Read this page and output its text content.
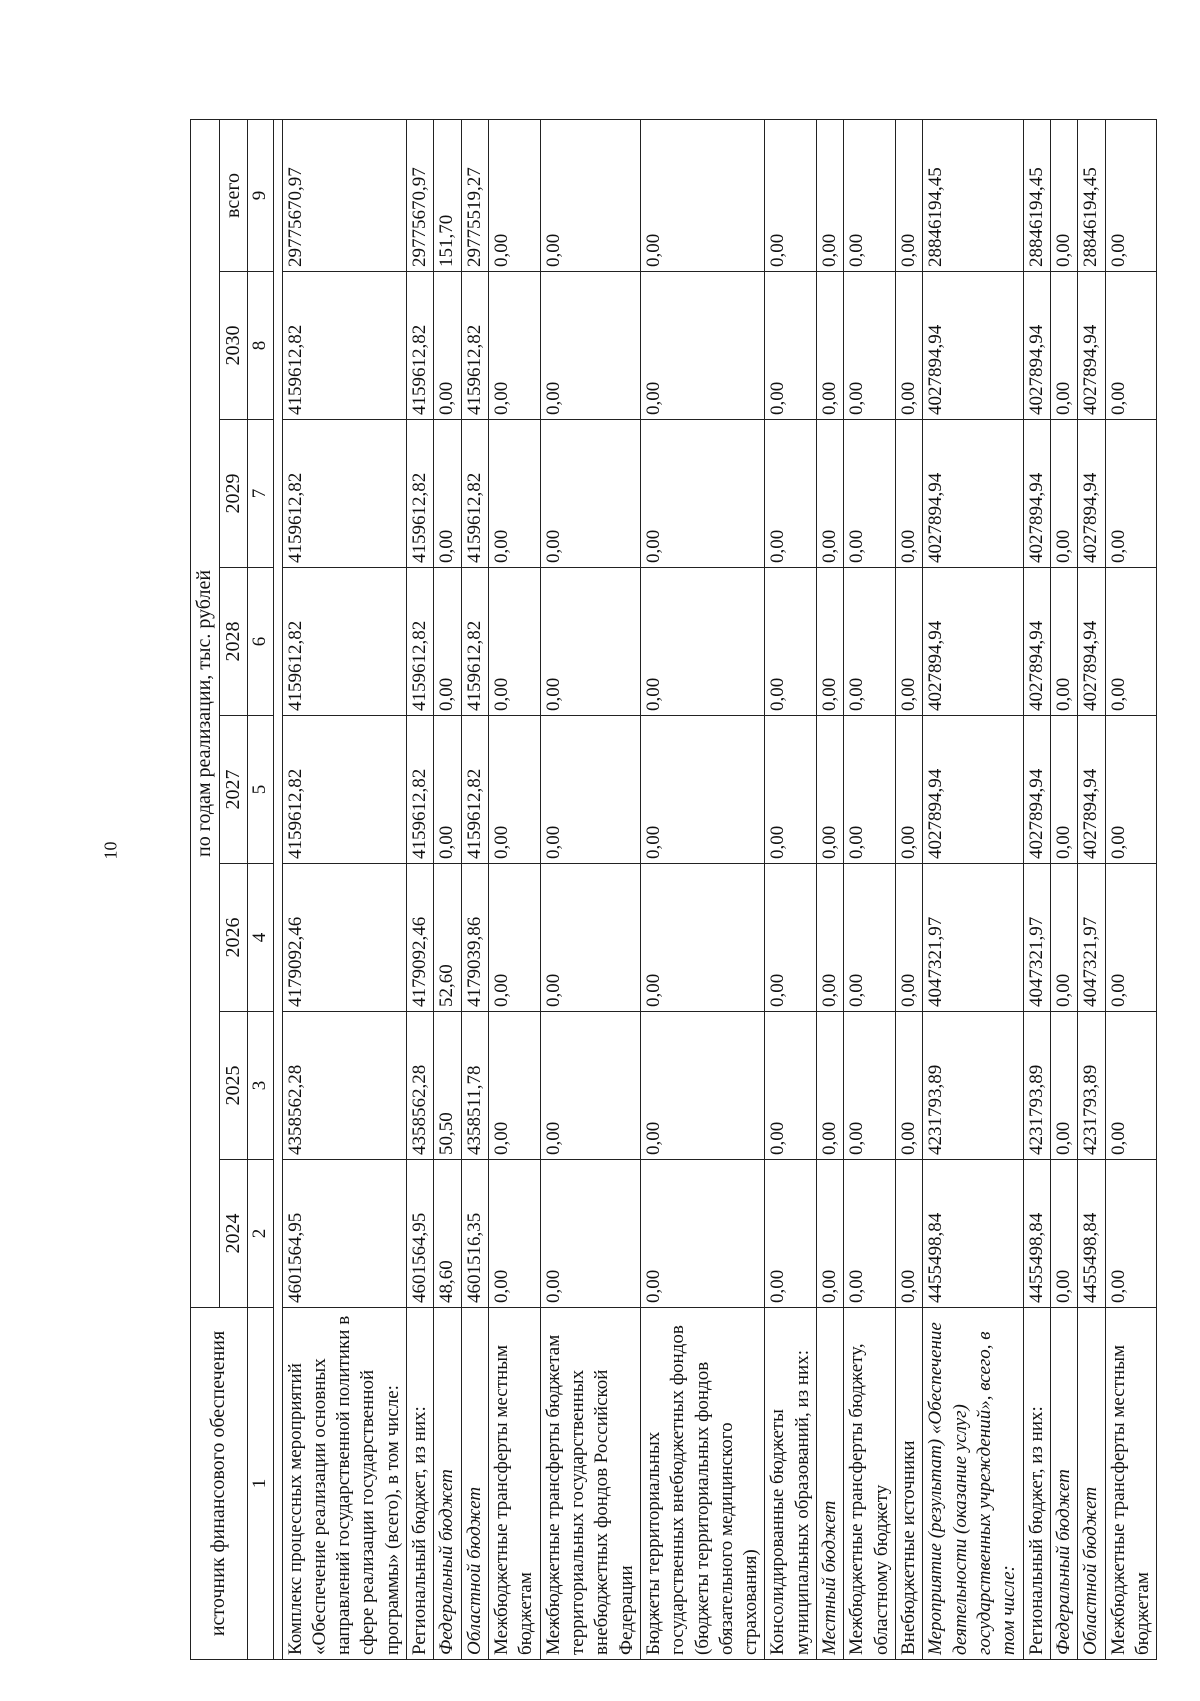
10
источник финансового обеспечения	по годам реализации, тыс. рублей							
	2024	2025	2026	2027	2028	2029	2030	всего
1	2	3	4	5	6	7	8	9

Комплекс процессных мероприятий «Обеспечение реализации основных направлений государственной политики в сфере реализации государственной программы» (всего), в том числе:	4601564,95	4358562,28	4179092,46	4159612,82	4159612,82	4159612,82	4159612,82	29775670,97
Региональный бюджет, из них:	4601564,95	4358562,28	4179092,46	4159612,82	4159612,82	4159612,82	4159612,82	29775670,97
Федеральный бюджет	48,60	50,50	52,60	0,00	0,00	0,00	0,00	151,70
Областной бюджет	4601516,35	4358511,78	4179039,86	4159612,82	4159612,82	4159612,82	4159612,82	29775519,27
Межбюджетные трансферты местным бюджетам	0,00	0,00	0,00	0,00	0,00	0,00	0,00	0,00
Межбюджетные трансферты бюджетам территориальных государственных внебюджетных фондов Российской Федерации	0,00	0,00	0,00	0,00	0,00	0,00	0,00	0,00
Бюджеты территориальных государственных внебюджетных фондов (бюджеты территориальных фондов обязательного медицинского страхования)	0,00	0,00	0,00	0,00	0,00	0,00	0,00	0,00
Консолидированные бюджеты муниципальных образований, из них:	0,00	0,00	0,00	0,00	0,00	0,00	0,00	0,00
Местный бюджет	0,00	0,00	0,00	0,00	0,00	0,00	0,00	0,00
Межбюджетные трансферты бюджету, областному бюджету	0,00	0,00	0,00	0,00	0,00	0,00	0,00	0,00
Внебюджетные источники	0,00	0,00	0,00	0,00	0,00	0,00	0,00	0,00
Мероприятие (результат) «Обеспечение деятельности (оказание услуг) государственных учреждений», всего, в том числе:	4455498,84	4231793,89	4047321,97	4027894,94	4027894,94	4027894,94	4027894,94	28846194,45
Региональный бюджет, из них:	4455498,84	4231793,89	4047321,97	4027894,94	4027894,94	4027894,94	4027894,94	28846194,45
Федеральный бюджет	0,00	0,00	0,00	0,00	0,00	0,00	0,00	0,00
Областной бюджет	4455498,84	4231793,89	4047321,97	4027894,94	4027894,94	4027894,94	4027894,94	28846194,45
Межбюджетные трансферты местным бюджетам	0,00	0,00	0,00	0,00	0,00	0,00	0,00	0,00
